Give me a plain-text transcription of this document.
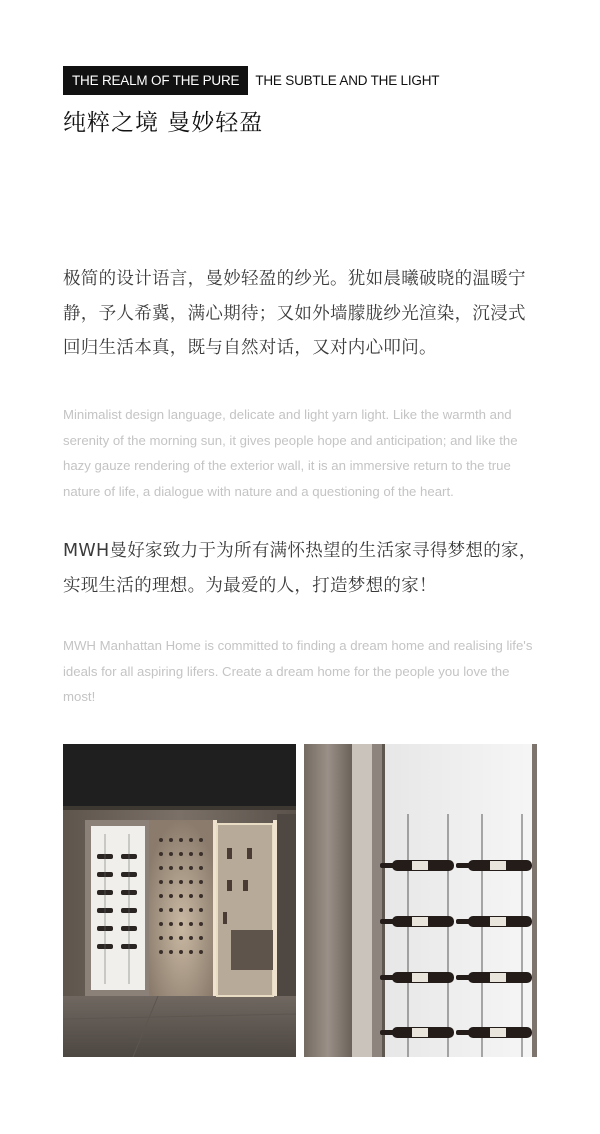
THE REALM OF THE PURE	THE SUBTLE AND THE LIGHT
纯粹之境 曼妙轻盈

极简的设计语言，曼妙轻盈的纱光。犹如晨曦破晓的温暖宁静，予人希冀，满心期待；又如外墙朦胧纱光渲染，沉浸式回归生活本真，既与自然对话，又对内心叩问。

Minimalist design language, delicate and light yarn light. Like the warmth and serenity of the morning sun, it gives people hope and anticipation; and like the hazy gauze rendering of the exterior wall, it is an immersive return to the true nature of life, a dialogue with nature and a questioning of the heart.

MWH曼好家致力于为所有满怀热望的生活家寻得梦想的家，实现生活的理想。为最爱的人，打造梦想的家！

MWH Manhattan Home is committed to finding a dream home and realising life's ideals for all aspiring lifers. Create a dream home for the people you love the most!
